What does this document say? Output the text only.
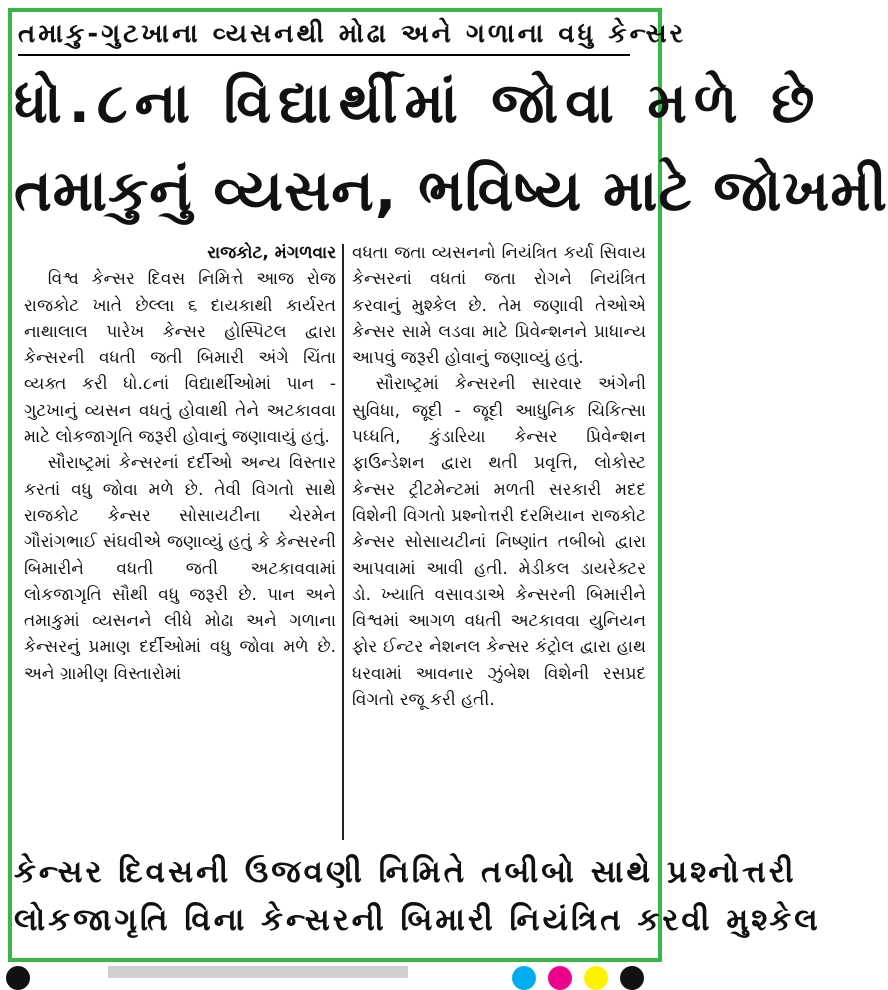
તમાકુ-ગુટખાના વ્યસનથી મોઢા અને ગળાના વધુ કેન્સર
ધો.૮ના વિદ્યાર્થીમાં જોવા મળે છે
તમાકુનું વ્યસન, ભવિષ્ય માટે જોખમી

રાજકોટ, મંગળવાર

વિશ્વ કેન્સર દિવસ નિમિત્તે આજ રોજ રાજકોટ ખાતે છેલ્લા ૬ દાયકાથી કાર્યરત નાથાલાલ પારેખ કેન્સર હોસ્પિટલ દ્વારા કેન્સરની વધતી જતી બિમારી અંગે ચિંતા વ્યક્ત કરી ધો.૮નાં વિદ્યાર્થીઓમાં પાન - ગુટખાનું વ્યસન વધતું હોવાથી તેને અટકાવવા માટે લોકજાગૃતિ જરૂરી હોવાનું જણાવાયું હતું.

સૌરાષ્ટ્રમાં કેન્સરનાં દર્દીઓ અન્ય વિસ્તાર કરતાં વધુ જોવા મળે છે. તેવી વિગતો સાથે રાજકોટ કેન્સર સોસાયટીના ચેરમેન ગૌરાંગભાઈ સંઘવીએ જણાવ્યું હતું કે કેન્સરની બિમારીને વધતી જતી અટકાવવામાં લોકજાગૃતિ સૌથી વધુ જરૂરી છે. પાન અને તમાકુમાં વ્યસનને લીધે મોઢા અને ગળાના કેન્સરનું પ્રમાણ દર્દીઓમાં વધુ જોવા મળે છે. અને ગ્રામીણ વિસ્તારોમાં

વધતા જતા વ્યસનનો નિયંત્રિત કર્યા સિવાય કેન્સરનાં વધતાં જતા રોગને નિયંત્રિત કરવાનું મુશ્કેલ છે. તેમ જણાવી તેઓએ કેન્સર સામે લડવા માટે પ્રિવેન્શનને પ્રાધાન્ય આપવું જરૂરી હોવાનું જણાવ્યું હતું.

સૌરાષ્ટ્રમાં કેન્સરની સારવાર અંગેની સુવિધા, જૂદી - જૂદી આધુનિક ચિકિત્સા પધ્ધતિ, કુંડારિયા કેન્સર પ્રિવેન્શન ફાઉન્ડેશન દ્વારા થતી પ્રવૃત્તિ, લોકોસ્ટ કેન્સર ટ્રીટમેન્ટમાં મળતી સરકારી મદદ વિશેની વિગતો પ્રશ્નોત્તરી દરમિયાન રાજકોટ કેન્સર સોસાયટીનાં નિષ્ણાંત તબીબો દ્વારા આપવામાં આવી હતી. મેડીકલ ડાયરેક્ટર ડો. ખ્યાતિ વસાવડાએ કેન્સરની બિમારીને વિશ્વમાં આગળ વધતી અટકાવવા યુનિયન ફોર ઈન્ટર નેશનલ કેન્સર કંટ્રોલ દ્વારા હાથ ધરવામાં આવનાર ઝુંબેશ વિશેની રસપ્રદ વિગતો રજૂ કરી હતી.

કેન્સર દિવસની ઉજવણી નિમિતે તબીબો સાથે પ્રશ્નોત્તરી
લોકજાગૃતિ વિના કેન્સરની બિમારી નિયંત્રિત કરવી મુશ્કેલ
